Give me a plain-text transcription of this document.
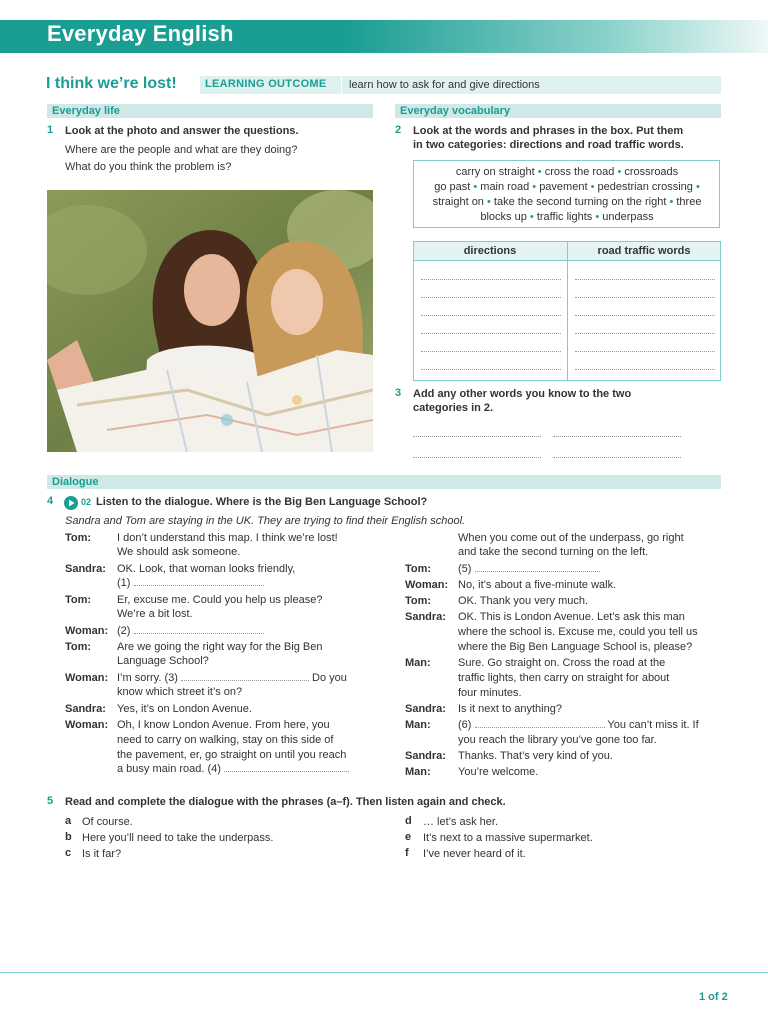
Everyday English
I think we’re lost!	LEARNING OUTCOME learn how to ask for and give directions
Everyday life	Everyday vocabulary
1 Look at the photo and answer the questions.
Where are the people and what are they doing?
What do you think the problem is?
2 Look at the words and phrases in the box. Put them
in two categories: directions and road traffic words.
carry on straight • cross the road • crossroads
go past • main road • pavement • pedestrian crossing • straight on • take the second turning on the right • three blocks up • traffic lights • underpass
directions	road traffic words
3 Add any other words you know to the two
categories in 2.
Dialogue
4	02 Listen to the dialogue. Where is the Big Ben Language School?
Sandra and Tom are staying in the UK. They are trying to find their English school.
Tom: I don’t understand this map. I think we’re lost!
We should ask someone.
Sandra: OK. Look, that woman looks friendly,
(1)
Tom: Er, excuse me. Could you help us please?
We’re a bit lost.
Woman: (2)
Tom: Are we going the right way for the Big Ben
Language School?
Woman: I’m sorry. (3)	Do you
know which street it’s on?
Sandra: Yes, it’s on London Avenue.
Woman: Oh, I know London Avenue. From here, you
need to carry on walking, stay on this side of
the pavement, er, go straight on until you reach
a busy main road. (4)
When you come out of the underpass, go right
and take the second turning on the left.
Tom: (5)
Woman: No, it’s about a five-minute walk.
Tom: OK. Thank you very much.
Sandra: OK. This is London Avenue. Let’s ask this man
where the school is. Excuse me, could you tell us
where the Big Ben Language School is, please?
Man: Sure. Go straight on. Cross the road at the
traffic lights, then carry on straight for about
four minutes.
Sandra: Is it next to anything?
Man: (6)	You can’t miss it. If
you reach the library you’ve gone too far.
Sandra: Thanks. That’s very kind of you.
Man: You’re welcome.
5 Read and complete the dialogue with the phrases (a–f). Then listen again and check.
a Of course.
b Here you’ll need to take the underpass.
c Is it far?
d … let’s ask her.
e It’s next to a massive supermarket.
f I’ve never heard of it.
1 of 2
